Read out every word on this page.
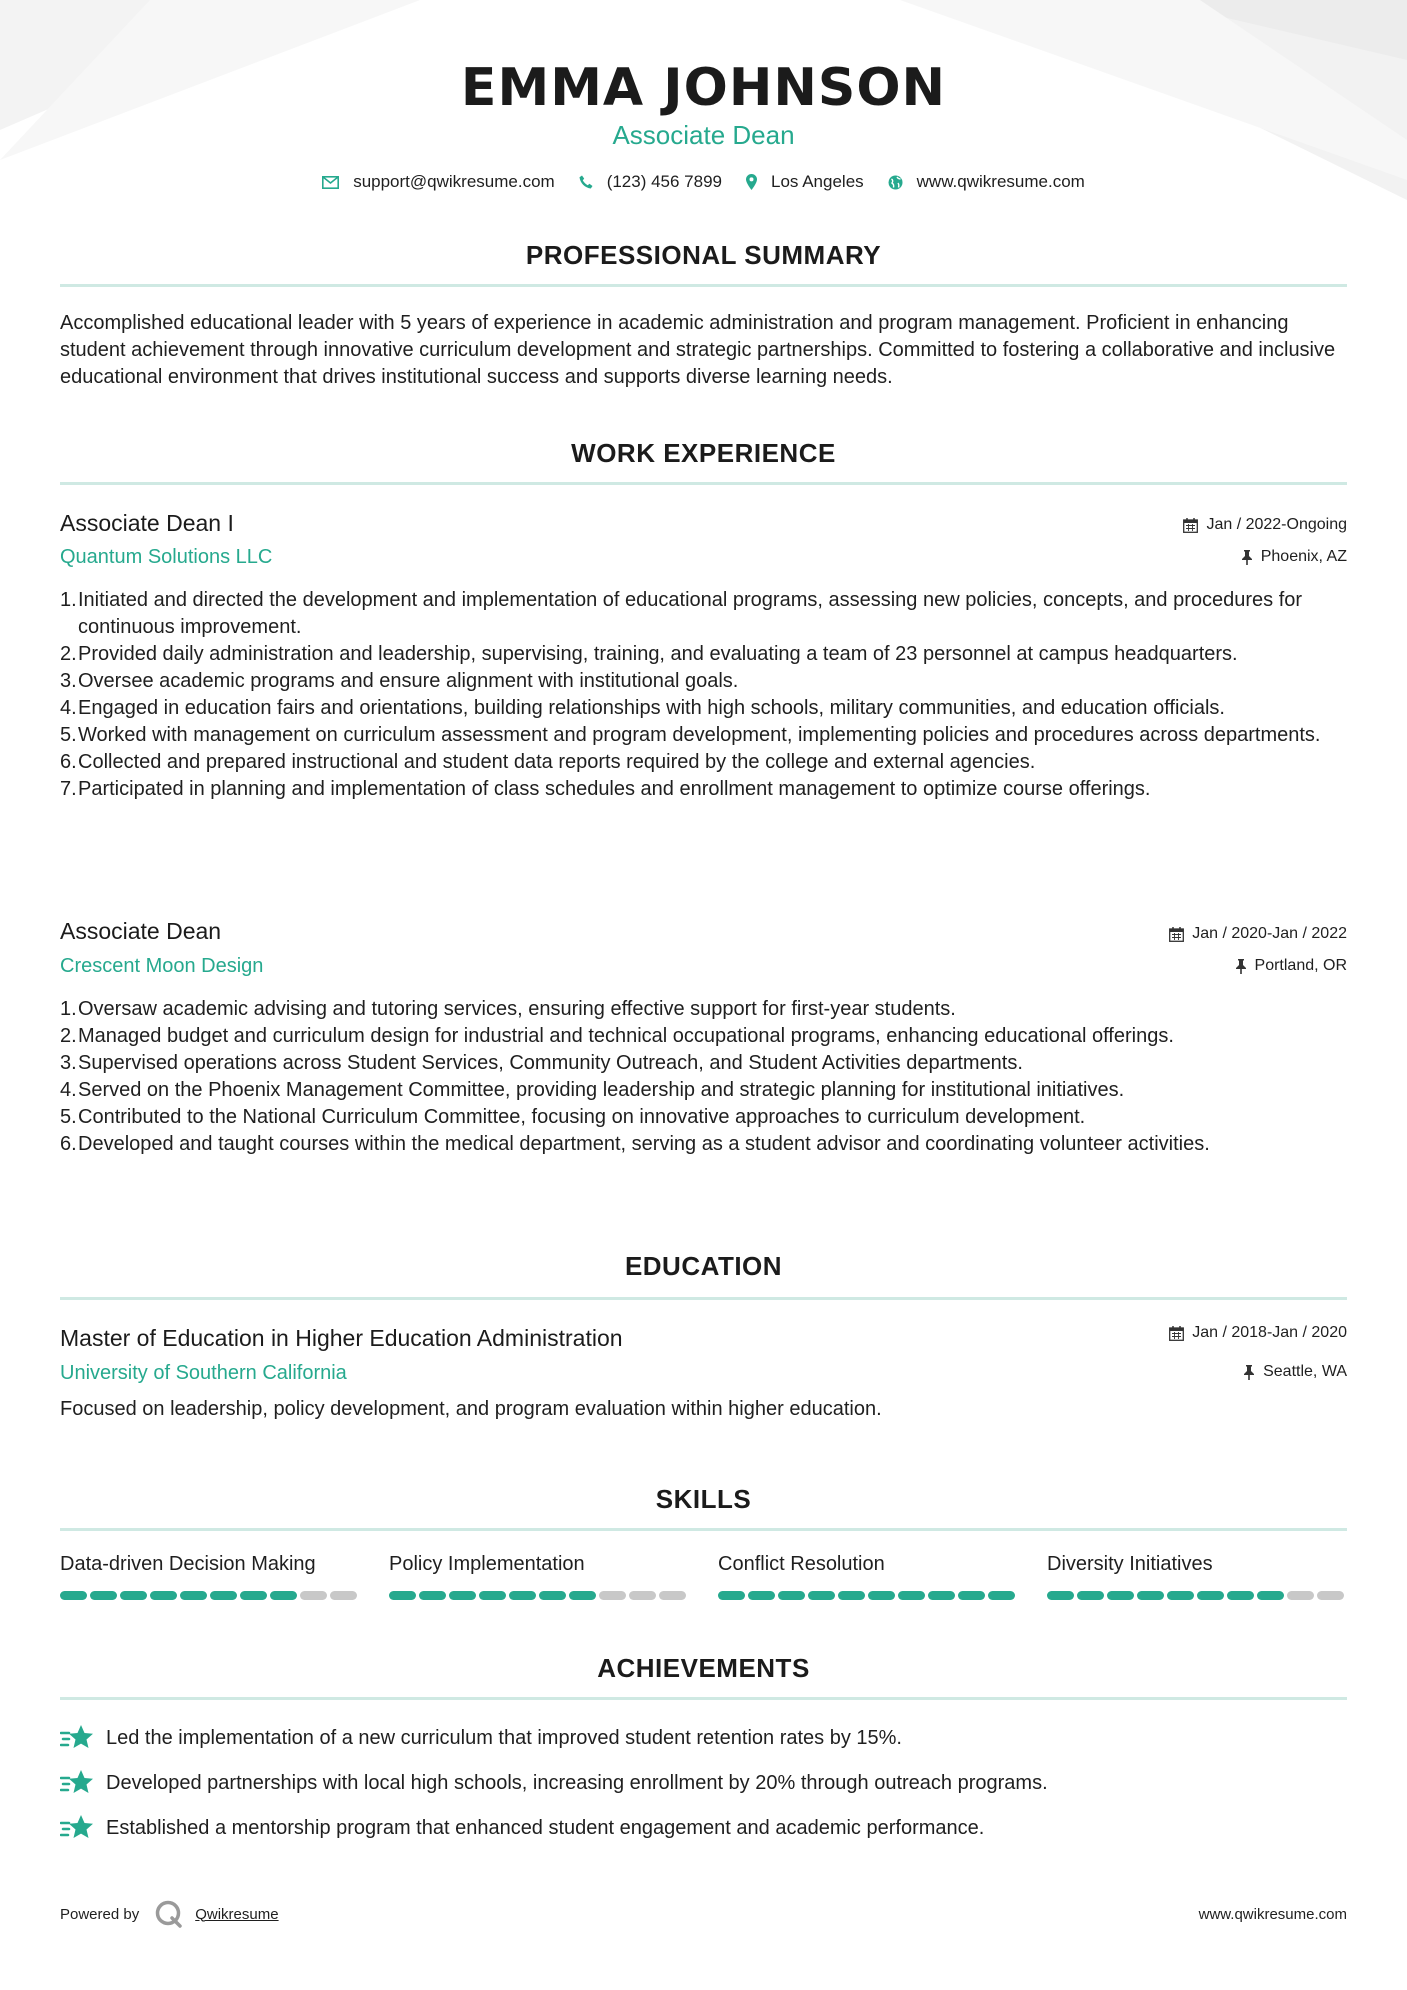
EMMA JOHNSON
Associate Dean
support@qwikresume.com	(123) 456 7899	Los Angeles	www.qwikresume.com
PROFESSIONAL SUMMARY
Accomplished educational leader with 5 years of experience in academic administration and program management. Proficient in enhancing student achievement through innovative curriculum development and strategic partnerships. Committed to fostering a collaborative and inclusive educational environment that drives institutional success and supports diverse learning needs.
WORK EXPERIENCE
Associate Dean I	Jan / 2022-Ongoing
Quantum Solutions LLC	Phoenix, AZ
1. Initiated and directed the development and implementation of educational programs, assessing new policies, concepts, and procedures for continuous improvement.
2. Provided daily administration and leadership, supervising, training, and evaluating a team of 23 personnel at campus headquarters.
3. Oversee academic programs and ensure alignment with institutional goals.
4. Engaged in education fairs and orientations, building relationships with high schools, military communities, and education officials.
5. Worked with management on curriculum assessment and program development, implementing policies and procedures across departments.
6. Collected and prepared instructional and student data reports required by the college and external agencies.
7. Participated in planning and implementation of class schedules and enrollment management to optimize course offerings.
Associate Dean	Jan / 2020-Jan / 2022
Crescent Moon Design	Portland, OR
1. Oversaw academic advising and tutoring services, ensuring effective support for first-year students.
2. Managed budget and curriculum design for industrial and technical occupational programs, enhancing educational offerings.
3. Supervised operations across Student Services, Community Outreach, and Student Activities departments.
4. Served on the Phoenix Management Committee, providing leadership and strategic planning for institutional initiatives.
5. Contributed to the National Curriculum Committee, focusing on innovative approaches to curriculum development.
6. Developed and taught courses within the medical department, serving as a student advisor and coordinating volunteer activities.
EDUCATION
Master of Education in Higher Education Administration	Jan / 2018-Jan / 2020
University of Southern California	Seattle, WA
Focused on leadership, policy development, and program evaluation within higher education.
SKILLS
Data-driven Decision Making	Policy Implementation	Conflict Resolution	Diversity Initiatives
ACHIEVEMENTS
Led the implementation of a new curriculum that improved student retention rates by 15%.
Developed partnerships with local high schools, increasing enrollment by 20% through outreach programs.
Established a mentorship program that enhanced student engagement and academic performance.
Powered by	Qwikresume	www.qwikresume.com
